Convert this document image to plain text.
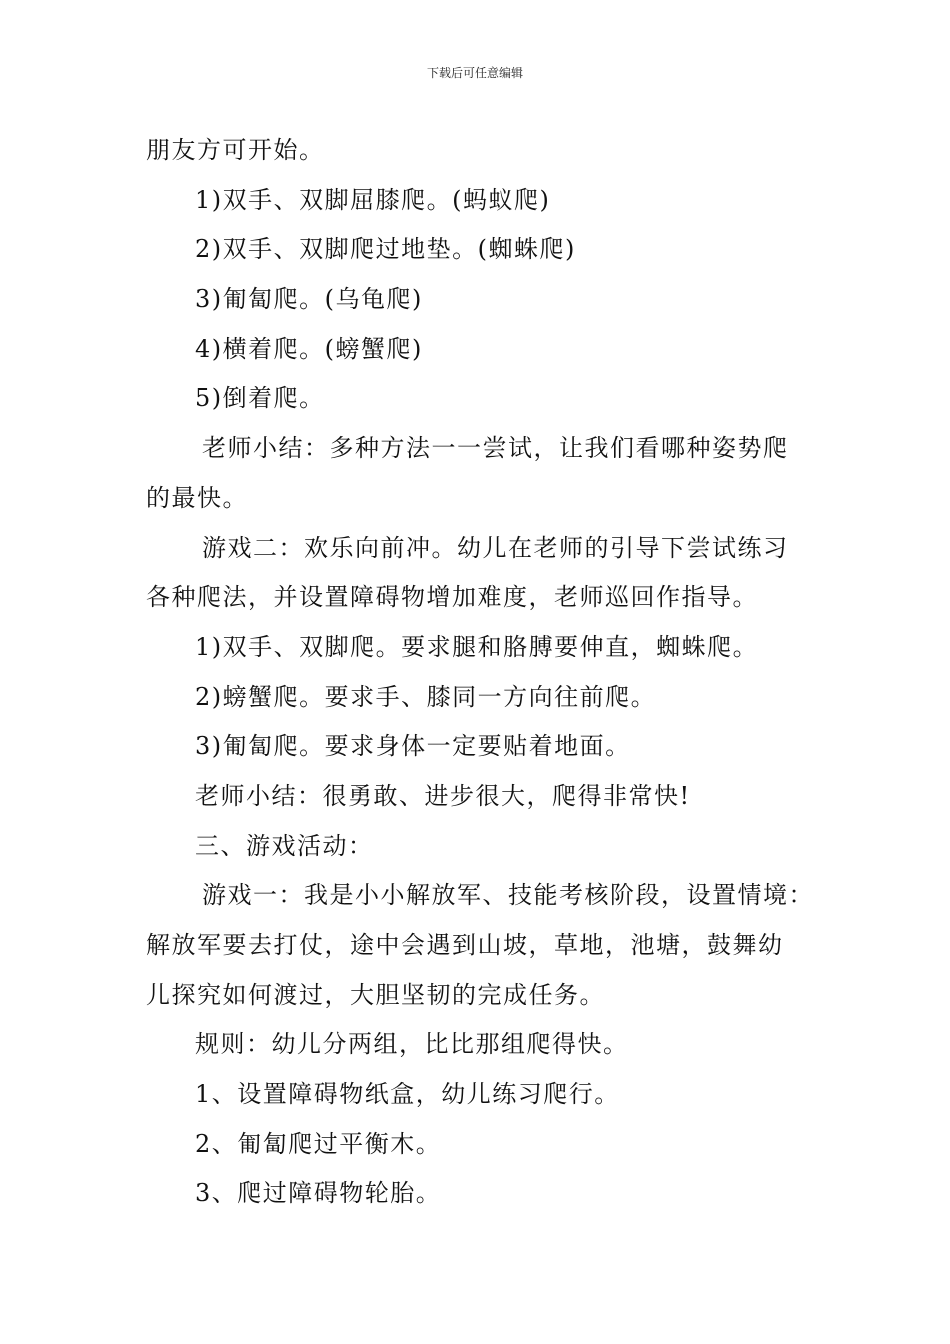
下载后可任意编辑
朋友方可开始。
1)双手、双脚屈膝爬。(蚂蚁爬)
2)双手、双脚爬过地垫。(蜘蛛爬)
3)匍匐爬。(乌龟爬)
4)横着爬。(螃蟹爬)
5)倒着爬。
老师小结：多种方法一一尝试，让我们看哪种姿势爬
的最快。
游戏二：欢乐向前冲。幼儿在老师的引导下尝试练习
各种爬法，并设置障碍物增加难度，老师巡回作指导。
1)双手、双脚爬。要求腿和胳膊要伸直，蜘蛛爬。
2)螃蟹爬。要求手、膝同一方向往前爬。
3)匍匐爬。要求身体一定要贴着地面。
老师小结：很勇敢、进步很大，爬得非常快!
三、游戏活动：
游戏一：我是小小解放军、技能考核阶段，设置情境：
解放军要去打仗，途中会遇到山坡，草地，池塘，鼓舞幼
儿探究如何渡过，大胆坚韧的完成任务。
规则：幼儿分两组，比比那组爬得快。
1、设置障碍物纸盒，幼儿练习爬行。
2、匍匐爬过平衡木。
3、爬过障碍物轮胎。
